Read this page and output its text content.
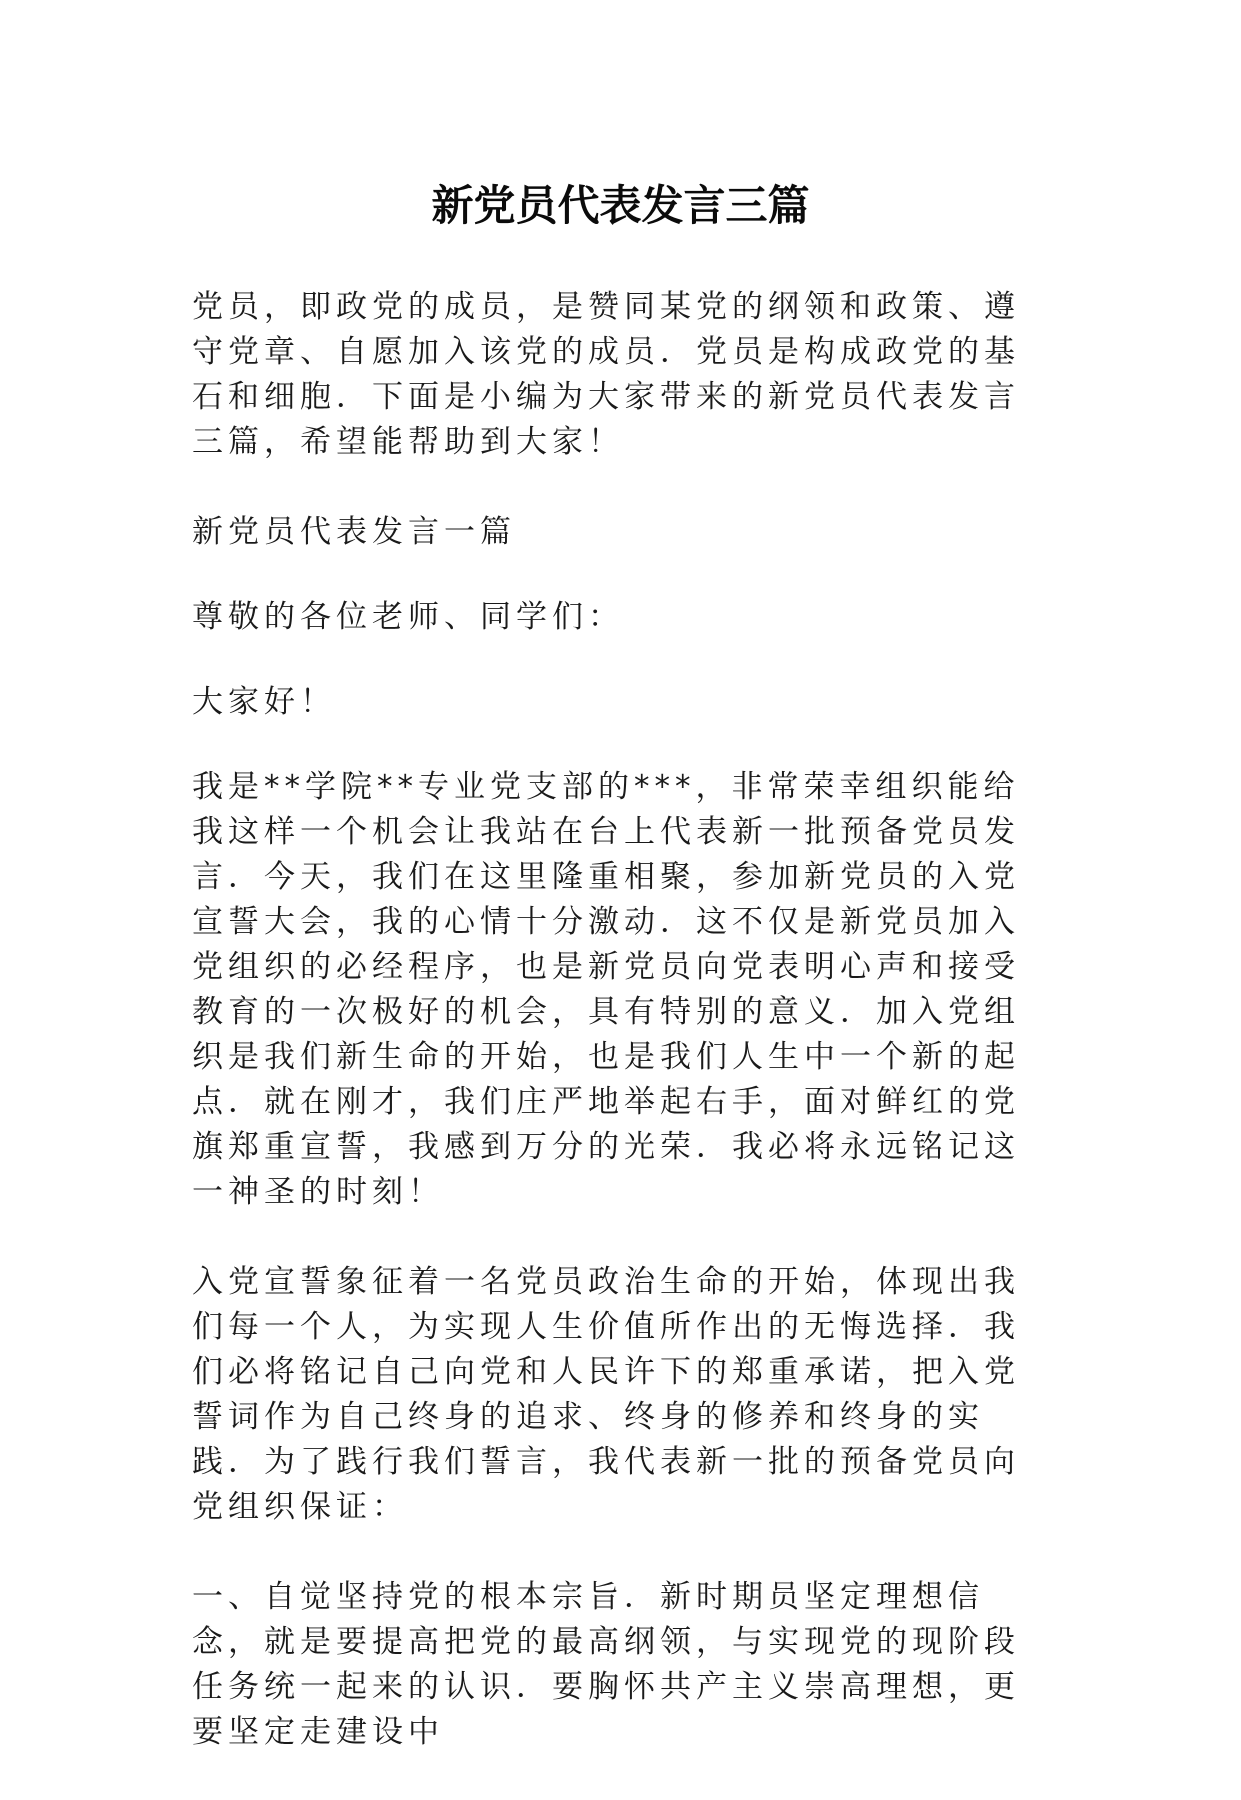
新党员代表发言三篇

党员，即政党的成员，是赞同某党的纲领和政策、遵守党章、自愿加入该党的成员．党员是构成政党的基石和细胞．下面是小编为大家带来的新党员代表发言三篇，希望能帮助到大家！

新党员代表发言一篇

尊敬的各位老师、同学们：

大家好！

我是**学院**专业党支部的***，非常荣幸组织能给我这样一个机会让我站在台上代表新一批预备党员发言．今天，我们在这里隆重相聚，参加新党员的入党宣誓大会，我的心情十分激动．这不仅是新党员加入党组织的必经程序，也是新党员向党表明心声和接受教育的一次极好的机会，具有特别的意义．加入党组织是我们新生命的开始，也是我们人生中一个新的起点．就在刚才，我们庄严地举起右手，面对鲜红的党旗郑重宣誓，我感到万分的光荣．我必将永远铭记这一神圣的时刻！

入党宣誓象征着一名党员政治生命的开始，体现出我们每一个人，为实现人生价值所作出的无悔选择．我们必将铭记自己向党和人民许下的郑重承诺，把入党誓词作为自己终身的追求、终身的修养和终身的实践．为了践行我们誓言，我代表新一批的预备党员向党组织保证：

一、自觉坚持党的根本宗旨．新时期员坚定理想信念，就是要提高把党的最高纲领，与实现党的现阶段任务统一起来的认识．要胸怀共产主义崇高理想，更要坚定走建设中
